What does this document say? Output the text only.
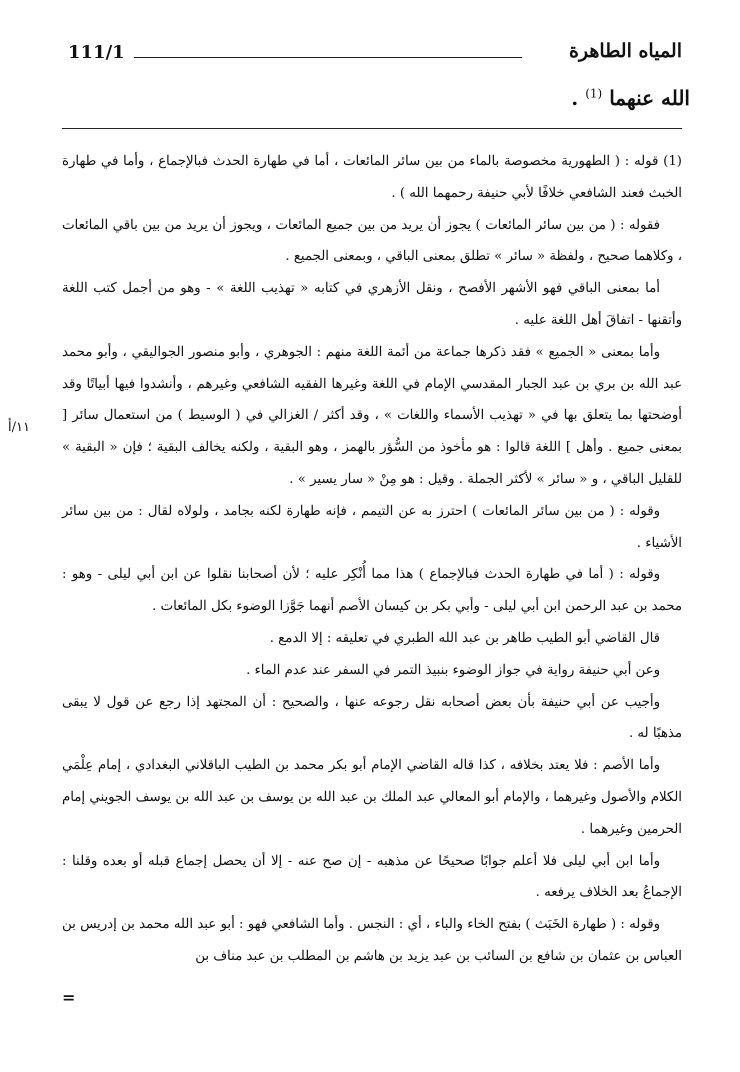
111/1	المياه الطاهرة
الله عنهما $^{(1)}$ .
١١/أ

(1) قوله : ( الطهورية مخصوصة بالماء من بين سائر المائعات ، أما في طهارة الحدث فبالإجماع ، وأما في طهارة الخبث فعند الشافعي خلافًا لأبي حنيفة رحمهما الله ) .

فقوله : ( من بين سائر المائعات ) يجوز أن يريد من بين جميع المائعات ، ويجوز أن يريد من بين باقي المائعات ، وكلاهما صحيح ، ولفظة « سائر » تطلق بمعنى الباقي ، وبمعنى الجميع .

أما بمعنى الباقي فهو الأشهر الأفصح ، ونقل الأزهري في كتابه « تهذيب اللغة » - وهو من أجمل كتب اللغة وأتقنها - اتفاقَ أهل اللغة عليه .

وأما بمعنى « الجميع » فقد ذكرها جماعة من أئمة اللغة منهم : الجوهري ، وأبو منصور الجواليقي ، وأبو محمد عبد الله بن بري بن عبد الجبار المقدسي الإمام في اللغة وغيرها الفقيه الشافعي وغيرهم ، وأنشدوا فيها أبياتًا وقد أوضحتها بما يتعلق بها في « تهذيب الأسماء واللغات » ، وقد أكثر / الغزالي في ( الوسيط ) من استعمال سائر [ بمعنى جميع . وأهل ] اللغة قالوا : هو مأخوذ من السُّؤر بالهمز ، وهو البقية ، ولكنه يخالف البقية ؛ فإن « البقية » للقليل الباقي ، و « سائر » لأكثر الجملة . وقيل : هو مِنْ « سار يسير » .

وقوله : ( من بين سائر المائعات ) احترز به عن التيمم ، فإنه طهارة لكنه بجامد ، ولولاه لقال : من بين سائر الأشياء .

وقوله : ( أما في طهارة الحدث فبالإجماع ) هذا مما أُنْكِر عليه ؛ لأن أصحابنا نقلوا عن ابن أبي ليلى - وهو : محمد بن عبد الرحمن ابن أبي ليلى - وأبي بكر بن كيسان الأصم أنهما جَوَّزا الوضوء بكل المائعات .

قال القاضي أبو الطيب طاهر بن عبد الله الطبري في تعليقه : إلا الدمع .

وعن أبي حنيفة رواية في جواز الوضوء بنبيذ التمر في السفر عند عدم الماء .

وأجيب عن أبي حنيفة بأن بعض أصحابه نقل رجوعه عنها ، والصحيح : أن المجتهد إذا رجع عن قول لا يبقى مذهبًا له .

وأما الأصم : فلا يعتد بخلافه ، كذا قاله القاضي الإمام أبو بكر محمد بن الطيب الباقلاني البغدادي ، إمام عِلْمَي الكلام والأصول وغيرهما ، والإمام أبو المعالي عبد الملك بن عبد الله بن يوسف بن عبد الله بن يوسف الجويني إمام الحرمين وغيرهما .

وأما ابن أبي ليلى فلا أعلم جوابًا صحيحًا عن مذهبه - إن صح عنه - إلا أن يحصل إجماع قبله أو بعده وقلنا : الإجماعُ بعد الخلاف يرفعه .

وقوله : ( طهارة الخَبَث ) بفتح الخاء والباء ، أي : النجس . وأما الشافعي فهو : أبو عبد الله محمد بن إدريس بن العباس بن عثمان بن شافع بن السائب بن عبد يزيد بن هاشم بن المطلب بن عبد مناف بن

=
